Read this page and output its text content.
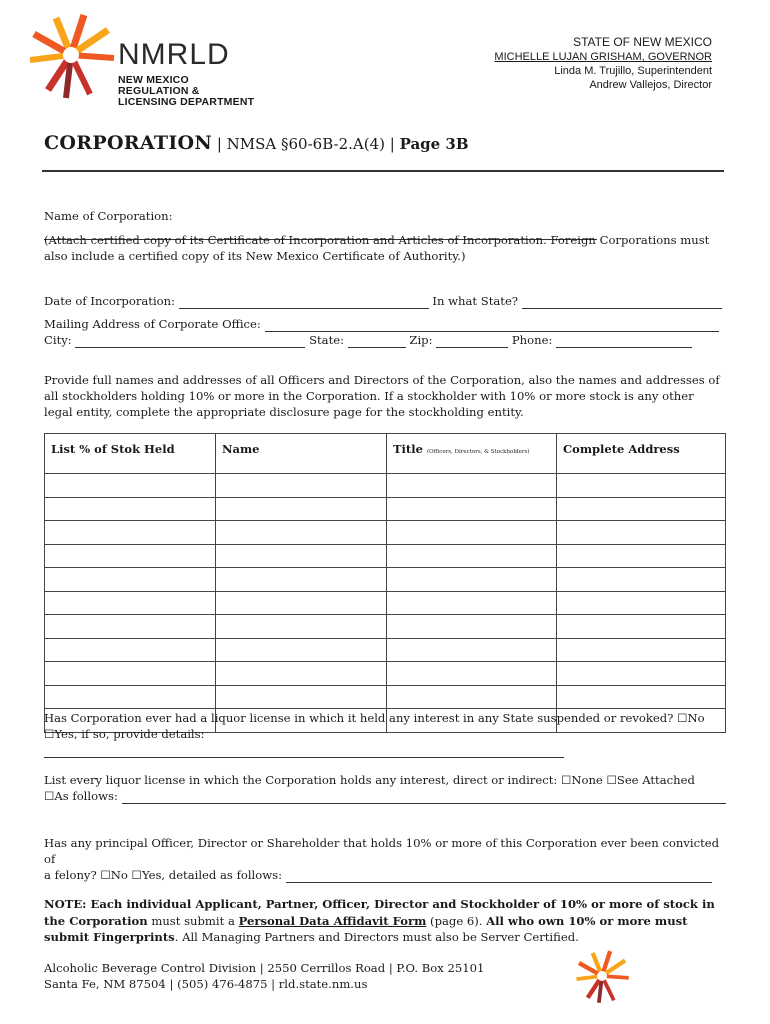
NMRLD
NEW MEXICO
REGULATION &
LICENSING DEPARTMENT
STATE OF NEW MEXICO
MICHELLE LUJAN GRISHAM, GOVERNOR
Linda M. Trujillo, Superintendent
Andrew Vallejos, Director
CORPORATION | NMSA §60-6B-2.A(4) | Page 3B
Name of Corporation:
(Attach certified copy of its Certificate of Incorporation and Articles of Incorporation. Foreign Corporations must also include a certified copy of its New Mexico Certificate of Authority.)
Date of Incorporation:	In what State?
Mailing Address of Corporate Office:
City:	State:	Zip:	Phone:
Provide full names and addresses of all Officers and Directors of the Corporation, also the names and addresses of all stockholders holding 10% or more in the Corporation. If a stockholder with 10% or more stock is any other legal entity, complete the appropriate disclosure page for the stockholding entity.
List % of Stok Held	Name	Title (Officers, Directors, & Stockholders)	Complete Address

Has Corporation ever had a liquor license in which it held any interest in any State suspended or revoked? ☐No
☐Yes, if so, provide details:
List every liquor license in which the Corporation holds any interest, direct or indirect: ☐None ☐See Attached
☐As follows:
Has any principal Officer, Director or Shareholder that holds 10% or more of this Corporation ever been convicted of
a felony? ☐No ☐Yes, detailed as follows:
NOTE: Each individual Applicant, Partner, Officer, Director and Stockholder of 10% or more of stock in the Corporation must submit a Personal Data Affidavit Form (page 6). All who own 10% or more must submit Fingerprints. All Managing Partners and Directors must also be Server Certified.
Alcoholic Beverage Control Division | 2550 Cerrillos Road | P.O. Box 25101
Santa Fe, NM 87504 | (505) 476-4875 | rld.state.nm.us
